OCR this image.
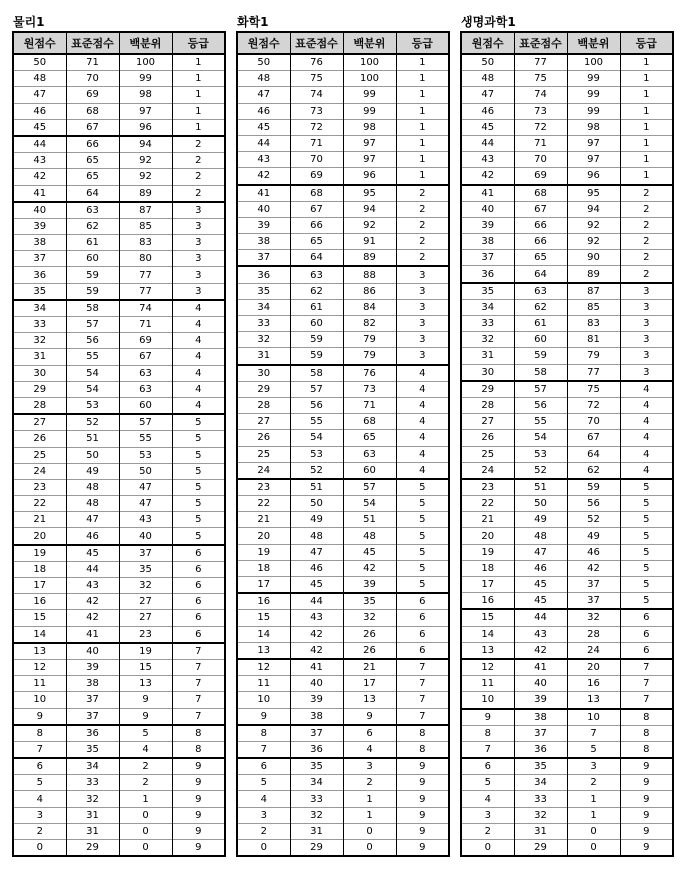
물리1
원점수	표준점수	백분위	등급
50	71	100	1
48	70	99	1
47	69	98	1
46	68	97	1
45	67	96	1
44	66	94	2
43	65	92	2
42	65	92	2
41	64	89	2
40	63	87	3
39	62	85	3
38	61	83	3
37	60	80	3
36	59	77	3
35	59	77	3
34	58	74	4
33	57	71	4
32	56	69	4
31	55	67	4
30	54	63	4
29	54	63	4
28	53	60	4
27	52	57	5
26	51	55	5
25	50	53	5
24	49	50	5
23	48	47	5
22	48	47	5
21	47	43	5
20	46	40	5
19	45	37	6
18	44	35	6
17	43	32	6
16	42	27	6
15	42	27	6
14	41	23	6
13	40	19	7
12	39	15	7
11	38	13	7
10	37	9	7
9	37	9	7
8	36	5	8
7	35	4	8
6	34	2	9
5	33	2	9
4	32	1	9
3	31	0	9
2	31	0	9
0	29	0	9
화학1
원점수	표준점수	백분위	등급
50	76	100	1
48	75	100	1
47	74	99	1
46	73	99	1
45	72	98	1
44	71	97	1
43	70	97	1
42	69	96	1
41	68	95	2
40	67	94	2
39	66	92	2
38	65	91	2
37	64	89	2
36	63	88	3
35	62	86	3
34	61	84	3
33	60	82	3
32	59	79	3
31	59	79	3
30	58	76	4
29	57	73	4
28	56	71	4
27	55	68	4
26	54	65	4
25	53	63	4
24	52	60	4
23	51	57	5
22	50	54	5
21	49	51	5
20	48	48	5
19	47	45	5
18	46	42	5
17	45	39	5
16	44	35	6
15	43	32	6
14	42	26	6
13	42	26	6
12	41	21	7
11	40	17	7
10	39	13	7
9	38	9	7
8	37	6	8
7	36	4	8
6	35	3	9
5	34	2	9
4	33	1	9
3	32	1	9
2	31	0	9
0	29	0	9
생명과학1
원점수	표준점수	백분위	등급
50	77	100	1
48	75	99	1
47	74	99	1
46	73	99	1
45	72	98	1
44	71	97	1
43	70	97	1
42	69	96	1
41	68	95	2
40	67	94	2
39	66	92	2
38	66	92	2
37	65	90	2
36	64	89	2
35	63	87	3
34	62	85	3
33	61	83	3
32	60	81	3
31	59	79	3
30	58	77	3
29	57	75	4
28	56	72	4
27	55	70	4
26	54	67	4
25	53	64	4
24	52	62	4
23	51	59	5
22	50	56	5
21	49	52	5
20	48	49	5
19	47	46	5
18	46	42	5
17	45	37	5
16	45	37	5
15	44	32	6
14	43	28	6
13	42	24	6
12	41	20	7
11	40	16	7
10	39	13	7
9	38	10	8
8	37	7	8
7	36	5	8
6	35	3	9
5	34	2	9
4	33	1	9
3	32	1	9
2	31	0	9
0	29	0	9
